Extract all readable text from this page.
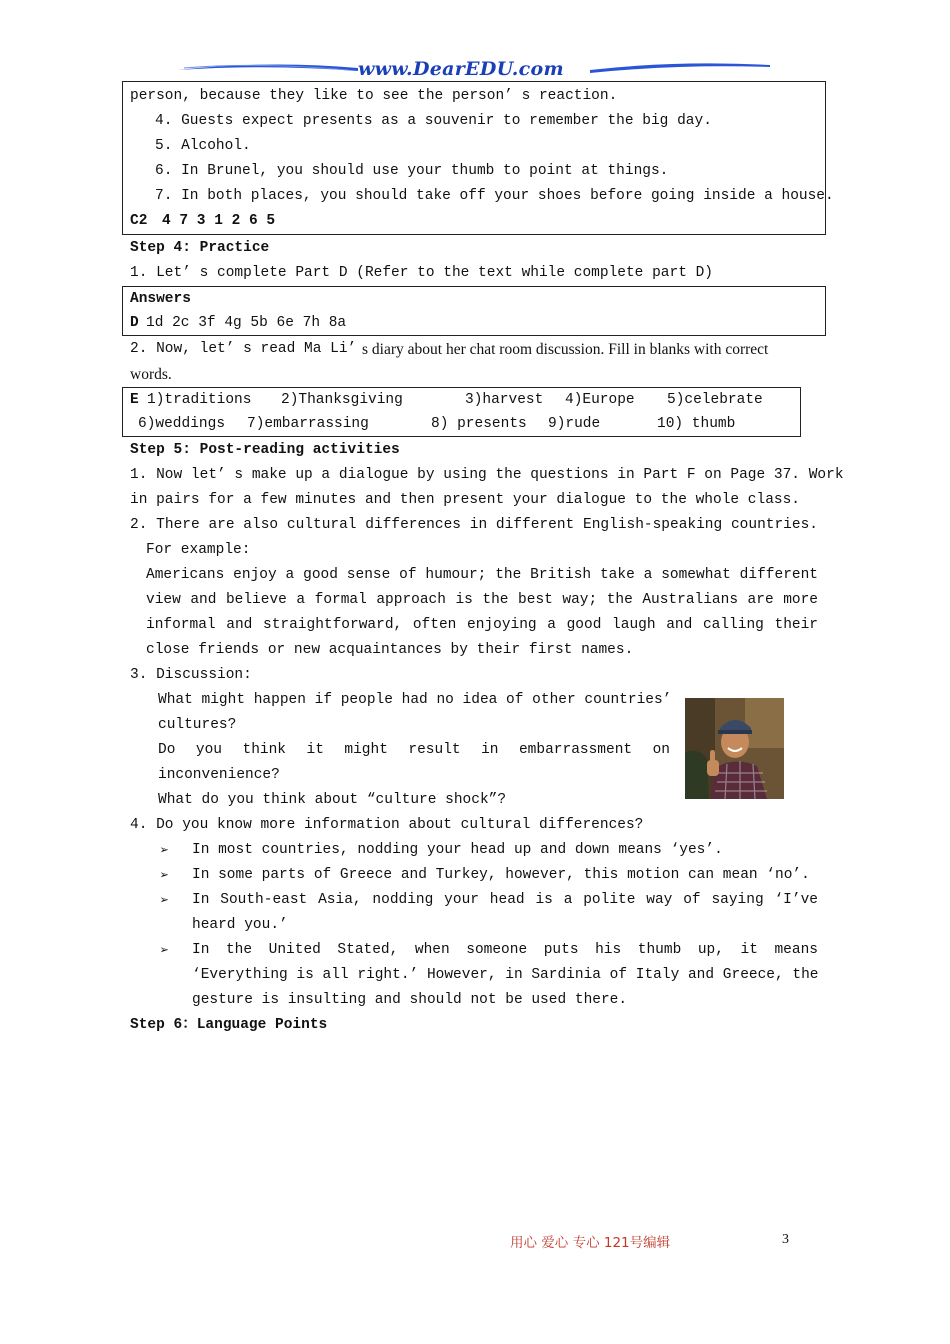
www.DearEDU.com
person, because they like to see the person’ s reaction.
4. Guests expect presents as a souvenir to remember the big day.
5. Alcohol.
6. In Brunel, you should use your thumb to point at things.
7. In both places, you should take off your shoes before going inside a house.
C2 4 7 3 1 2 6 5
Step 4: Practice
1. Let’ s complete Part D (Refer to the text while complete part D)
Answers
D 1d 2c 3f 4g 5b 6e 7h 8a
2. Now, let’ s read Ma Li’ s diary about her chat room discussion. Fill in blanks with correct
words.
E 1)traditions 2)Thanksgiving	3)harvest 4)Europe 5)celebrate
6)weddings 7)embarrassing	8) presents 9)rude	10) thumb
Step 5: Post-reading activities
1. Now let’ s make up a dialogue by using the questions in Part F on Page 37. Work
in pairs for a few minutes and then present your dialogue to the whole class.
2. There are also cultural differences in different English-speaking countries.
For example:
Americans enjoy a good sense of humour; the British take a somewhat different
view and believe a formal approach is the best way; the Australians are more
informal and straightforward, often enjoying a good laugh and calling their
close friends or new acquaintances by their first names.
3. Discussion:
What might happen if people had no idea of other countries’
cultures?
Do you think it might result in embarrassment on
inconvenience?
What do you think about “culture shock”?
4. Do you know more information about cultural differences?
➢ In most countries, nodding your head up and down means ‘yes’.
➢ In some parts of Greece and Turkey, however, this motion can mean ‘no’.
➢ In South-east Asia, nodding your head is a polite way of saying ‘I’ve
heard you.’
➢ In the United Stated, when someone puts his thumb up, it means
‘Everything is all right.’ However, in Sardinia of Italy and Greece, the
gesture is insulting and should not be used there.
Step 6：Language Points
用心 爱心 专心 121号编辑	3
